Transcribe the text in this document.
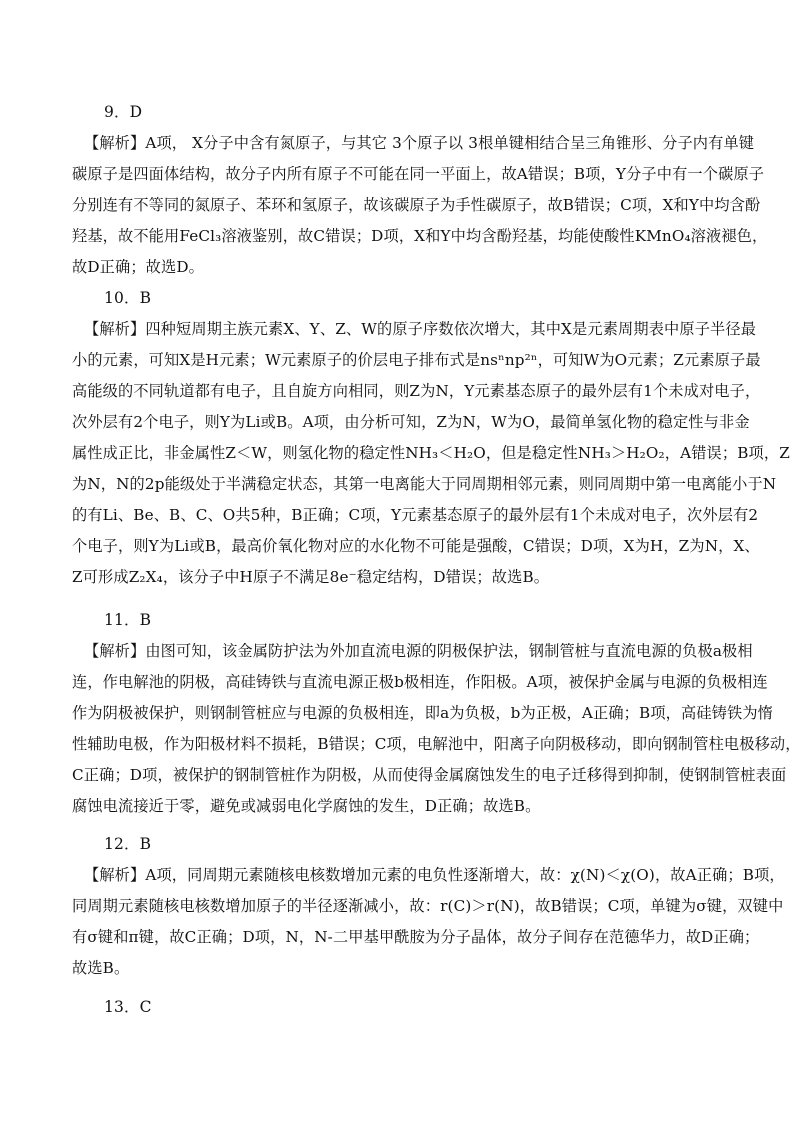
9．D
【解析】A项， X分子中含有氮原子，与其它 3个原子以 3根单键相结合呈三角锥形、分子内有单键
碳原子是四面体结构，故分子内所有原子不可能在同一平面上，故A错误；B项，Y分子中有一个碳原子
分别连有不等同的氮原子、苯环和氢原子，故该碳原子为手性碳原子，故B错误；C项，X和Y中均含酚
羟基，故不能用FeCl₃溶液鉴别，故C错误；D项，X和Y中均含酚羟基，均能使酸性KMnO₄溶液褪色，
故D正确；故选D。
10．B
【解析】四种短周期主族元素X、Y、Z、W的原子序数依次增大，其中X是元素周期表中原子半径最
小的元素，可知X是H元素；W元素原子的价层电子排布式是nsⁿnp²ⁿ，可知W为O元素；Z元素原子最
高能级的不同轨道都有电子，且自旋方向相同，则Z为N，Y元素基态原子的最外层有1个未成对电子，
次外层有2个电子，则Y为Li或B。A项，由分析可知，Z为N，W为O，最简单氢化物的稳定性与非金
属性成正比，非金属性Z＜W，则氢化物的稳定性NH₃＜H₂O，但是稳定性NH₃＞H₂O₂，A错误；B项，Z
为N，N的2p能级处于半满稳定状态，其第一电离能大于同周期相邻元素，则同周期中第一电离能小于N
的有Li、Be、B、C、O共5种，B正确；C项，Y元素基态原子的最外层有1个未成对电子，次外层有2
个电子，则Y为Li或B，最高价氧化物对应的水化物不可能是强酸，C错误；D项，X为H，Z为N，X、
Z可形成Z₂X₄，该分子中H原子不满足8e⁻稳定结构，D错误；故选B。
11．B
【解析】由图可知，该金属防护法为外加直流电源的阴极保护法，钢制管桩与直流电源的负极a极相
连，作电解池的阴极，高硅铸铁与直流电源正极b极相连，作阳极。A项，被保护金属与电源的负极相连
作为阴极被保护，则钢制管桩应与电源的负极相连，即a为负极，b为正极，A正确；B项，高硅铸铁为惰
性辅助电极，作为阳极材料不损耗，B错误；C项，电解池中，阳离子向阴极移动，即向钢制管柱电极移动，
C正确；D项，被保护的钢制管桩作为阴极，从而使得金属腐蚀发生的电子迁移得到抑制，使钢制管桩表面
腐蚀电流接近于零，避免或减弱电化学腐蚀的发生，D正确；故选B。
12．B
【解析】A项，同周期元素随核电核数增加元素的电负性逐渐增大，故：χ(N)＜χ(O)，故A正确；B项，
同周期元素随核电核数增加原子的半径逐渐减小，故：r(C)＞r(N)，故B错误；C项，单键为σ键，双键中
有σ键和π键，故C正确；D项，N，N-二甲基甲酰胺为分子晶体，故分子间存在范德华力，故D正确；
故选B。
13．C
